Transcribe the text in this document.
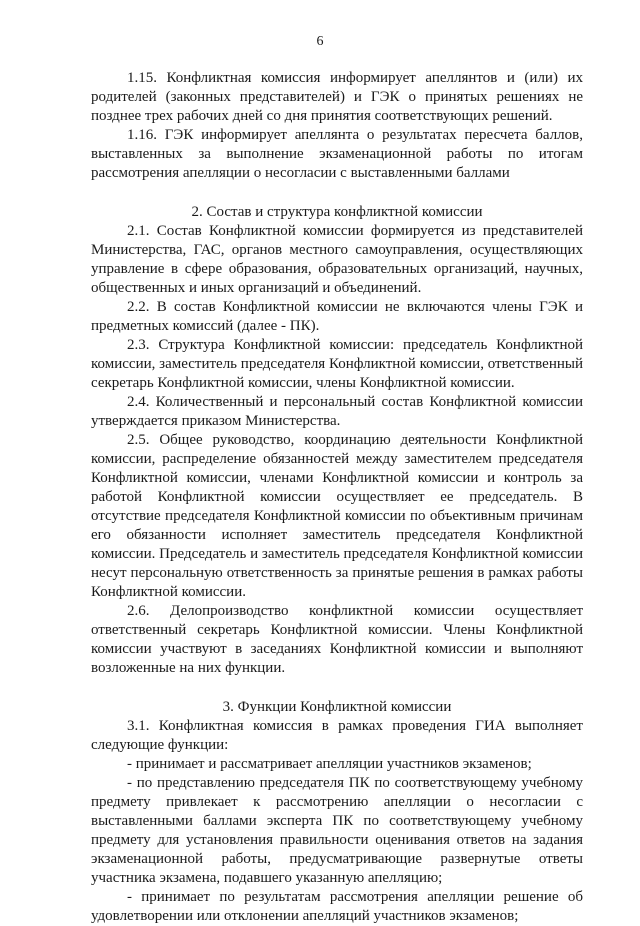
6

1.15. Конфликтная комиссия информирует апеллянтов и (или) их родителей (законных представителей) и ГЭК о принятых решениях не позднее трех рабочих дней со дня принятия соответствующих решений.

1.16. ГЭК информирует апеллянта о результатах пересчета баллов, выставленных за выполнение экзаменационной работы по итогам рассмотрения апелляции о несогласии с выставленными баллами

2. Состав и структура конфликтной комиссии

2.1. Состав Конфликтной комиссии формируется из представителей Министерства, ГАС, органов местного самоуправления, осуществляющих управление в сфере образования, образовательных организаций, научных, общественных и иных организаций и объединений.

2.2. В состав Конфликтной комиссии не включаются члены ГЭК и предметных комиссий (далее - ПК).

2.3. Структура Конфликтной комиссии: председатель Конфликтной комиссии, заместитель председателя Конфликтной комиссии, ответственный секретарь Конфликтной комиссии, члены Конфликтной комиссии.

2.4. Количественный и персональный состав Конфликтной комиссии утверждается приказом Министерства.

2.5. Общее руководство, координацию деятельности Конфликтной комиссии, распределение обязанностей между заместителем председателя Конфликтной комиссии, членами Конфликтной комиссии и контроль за работой Конфликтной комиссии осуществляет ее председатель. В отсутствие председателя Конфликтной комиссии по объективным причинам его обязанности исполняет заместитель председателя Конфликтной комиссии. Председатель и заместитель председателя Конфликтной комиссии несут персональную ответственность за принятые решения в рамках работы Конфликтной комиссии.

2.6. Делопроизводство конфликтной комиссии осуществляет ответственный секретарь Конфликтной комиссии. Члены Конфликтной комиссии участвуют в заседаниях Конфликтной комиссии и выполняют возложенные на них функции.

3. Функции Конфликтной комиссии

3.1. Конфликтная комиссия в рамках проведения ГИА выполняет следующие функции:

- принимает и рассматривает апелляции участников экзаменов;

- по представлению председателя ПК по соответствующему учебному предмету привлекает к рассмотрению апелляции о несогласии с выставленными баллами эксперта ПК по соответствующему учебному предмету для установления правильности оценивания ответов на задания экзаменационной работы, предусматривающие развернутые ответы участника экзамена, подавшего указанную апелляцию;

- принимает по результатам рассмотрения апелляции решение об удовлетворении или отклонении апелляций участников экзаменов;
